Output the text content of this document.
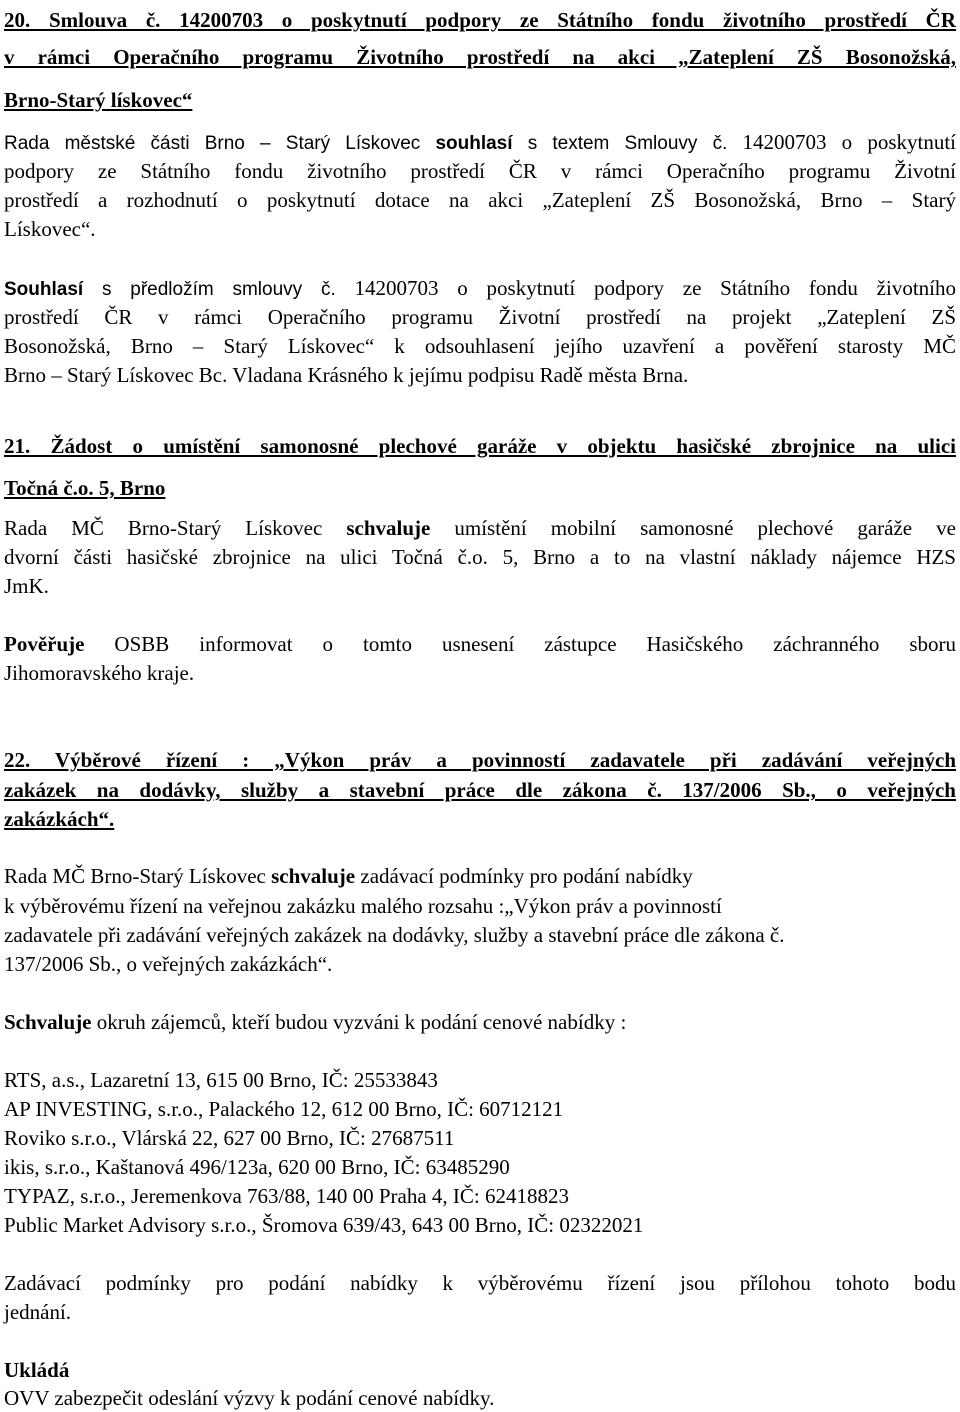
20. Smlouva č. 14200703 o poskytnutí podpory ze Státního fondu životního prostředí ČR
v rámci Operačního programu Životního prostředí na akci „Zateplení ZŠ Bosonožská,
Brno-Starý lískovec“
Rada městské části Brno – Starý Lískovec souhlasí s textem Smlouvy č. 14200703 o poskytnutí
podpory ze Státního fondu životního prostředí ČR v rámci Operačního programu Životní
prostředí a rozhodnutí o poskytnutí dotace na akci „Zateplení ZŠ Bosonožská, Brno – Starý
Lískovec“.
Souhlasí s předložím smlouvy č. 14200703 o poskytnutí podpory ze Státního fondu životního
prostředí ČR v rámci Operačního programu Životní prostředí na projekt „Zateplení ZŠ
Bosonožská, Brno – Starý Lískovec“ k odsouhlasení jejího uzavření a pověření starosty MČ
Brno – Starý Lískovec Bc. Vladana Krásného k jejímu podpisu Radě města Brna.
21. Žádost o umístění samonosné plechové garáže v objektu hasičské zbrojnice na ulici
Točná č.o. 5, Brno
Rada MČ Brno-Starý Lískovec schvaluje umístění mobilní samonosné plechové garáže ve
dvorní části hasičské zbrojnice na ulici Točná č.o. 5, Brno a to na vlastní náklady nájemce HZS
JmK.
Pověřuje OSBB informovat o tomto usnesení zástupce Hasičského záchranného sboru
Jihomoravského kraje.
22. Výběrové řízení : „Výkon práv a povinností zadavatele při zadávání veřejných
zakázek na dodávky, služby a stavební práce dle zákona č. 137/2006 Sb., o veřejných
zakázkách“.
Rada MČ Brno-Starý Lískovec schvaluje zadávací podmínky pro podání nabídky
k výběrovému řízení na veřejnou zakázku malého rozsahu :„Výkon práv a povinností
zadavatele při zadávání veřejných zakázek na dodávky, služby a stavební práce dle zákona č.
137/2006 Sb., o veřejných zakázkách“.
Schvaluje okruh zájemců, kteří budou vyzváni k podání cenové nabídky :
RTS, a.s., Lazaretní 13, 615 00 Brno, IČ: 25533843
AP INVESTING, s.r.o., Palackého 12, 612 00 Brno, IČ: 60712121
Roviko s.r.o., Vlárská 22, 627 00 Brno, IČ: 27687511
ikis, s.r.o., Kaštanová 496/123a, 620 00 Brno, IČ: 63485290
TYPAZ, s.r.o., Jeremenkova 763/88, 140 00 Praha 4, IČ: 62418823
Public Market Advisory s.r.o., Šromova 639/43, 643 00 Brno, IČ: 02322021
Zadávací podmínky pro podání nabídky k výběrovému řízení jsou přílohou tohoto bodu
jednání.
Ukládá
OVV zabezpečit odeslání výzvy k podání cenové nabídky.
